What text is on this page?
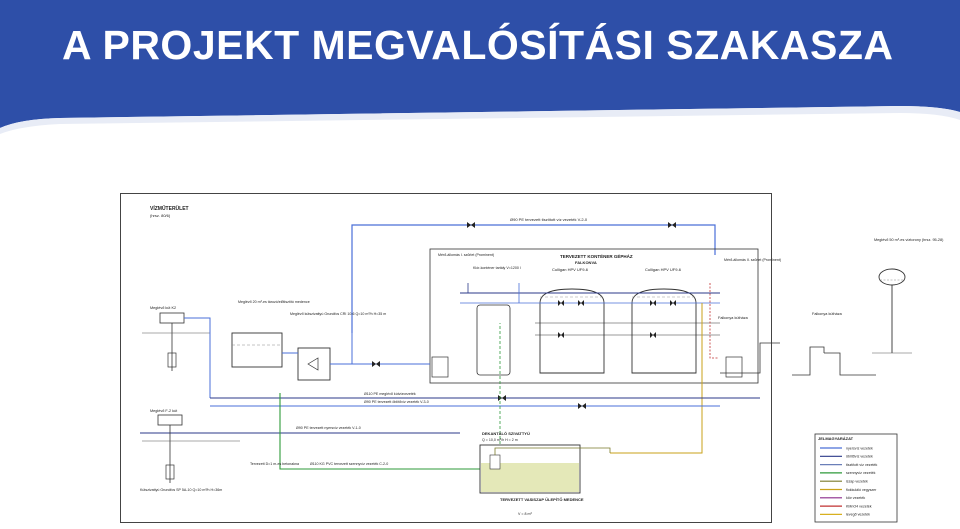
A PROJEKT MEGVALÓSÍTÁSI SZAKASZA
VÍZMŰTERÜLET
(hrsz. 80/6)
Ø90 PE tervezett tisztított víz vezeték V-2-0
TERVEZETT KONTÉNER GÉPHÁZ
FALKONVA
Mérő-állomás I. szűrlet (Prominent)
Mérő-állomás II. szűrlet (Prominent)
Klór-konténer tartály V=1200 l	Culligan HPV UF9-6	Culligan HPV UF9-6
Meglévő kút K2
Meglévő 20 m³-es tározó/előtisztító medence
Meglévő kútszivattyú Grundfos CRI 10-6 Q=10 m³/h H=35 m
Ø110 PE meglévő kútvízvezeték
Ø90 PE tervezett öblítővíz vezeték V-3-0
Ø90 PE tervezett nyersvíz vezeték V-1-0
Ø110 KG PVC tervezett szennyvíz vezeték C-2-0
Tervezett D=1 m-es betonakna
Falkonya kútháza
Meglévő F-2 kút
Kútszivattyú Grundfos SP 5A-10 Q=10 m³/h H=36m
DEKANTÁLÓ SZIVATTYÚ
Q = 10,0 m³/h H = 2 m
TERVEZETT VASISZAP ÜLEPÍTŐ MEDENCE
V = 8 m³
Meglévő 50 m³-es víztorony (hrsz. 95-28)
Falkonya kútháza
JELMAGYARÁZAT
nyersvíz vezeték
öblítővíz vezeték
tisztított víz vezeték
szennyvíz vezeték
iszap vezeték
flokkuláló vegyszer
klór vezeték
KMnO4 vezeték
levegő vezeték
